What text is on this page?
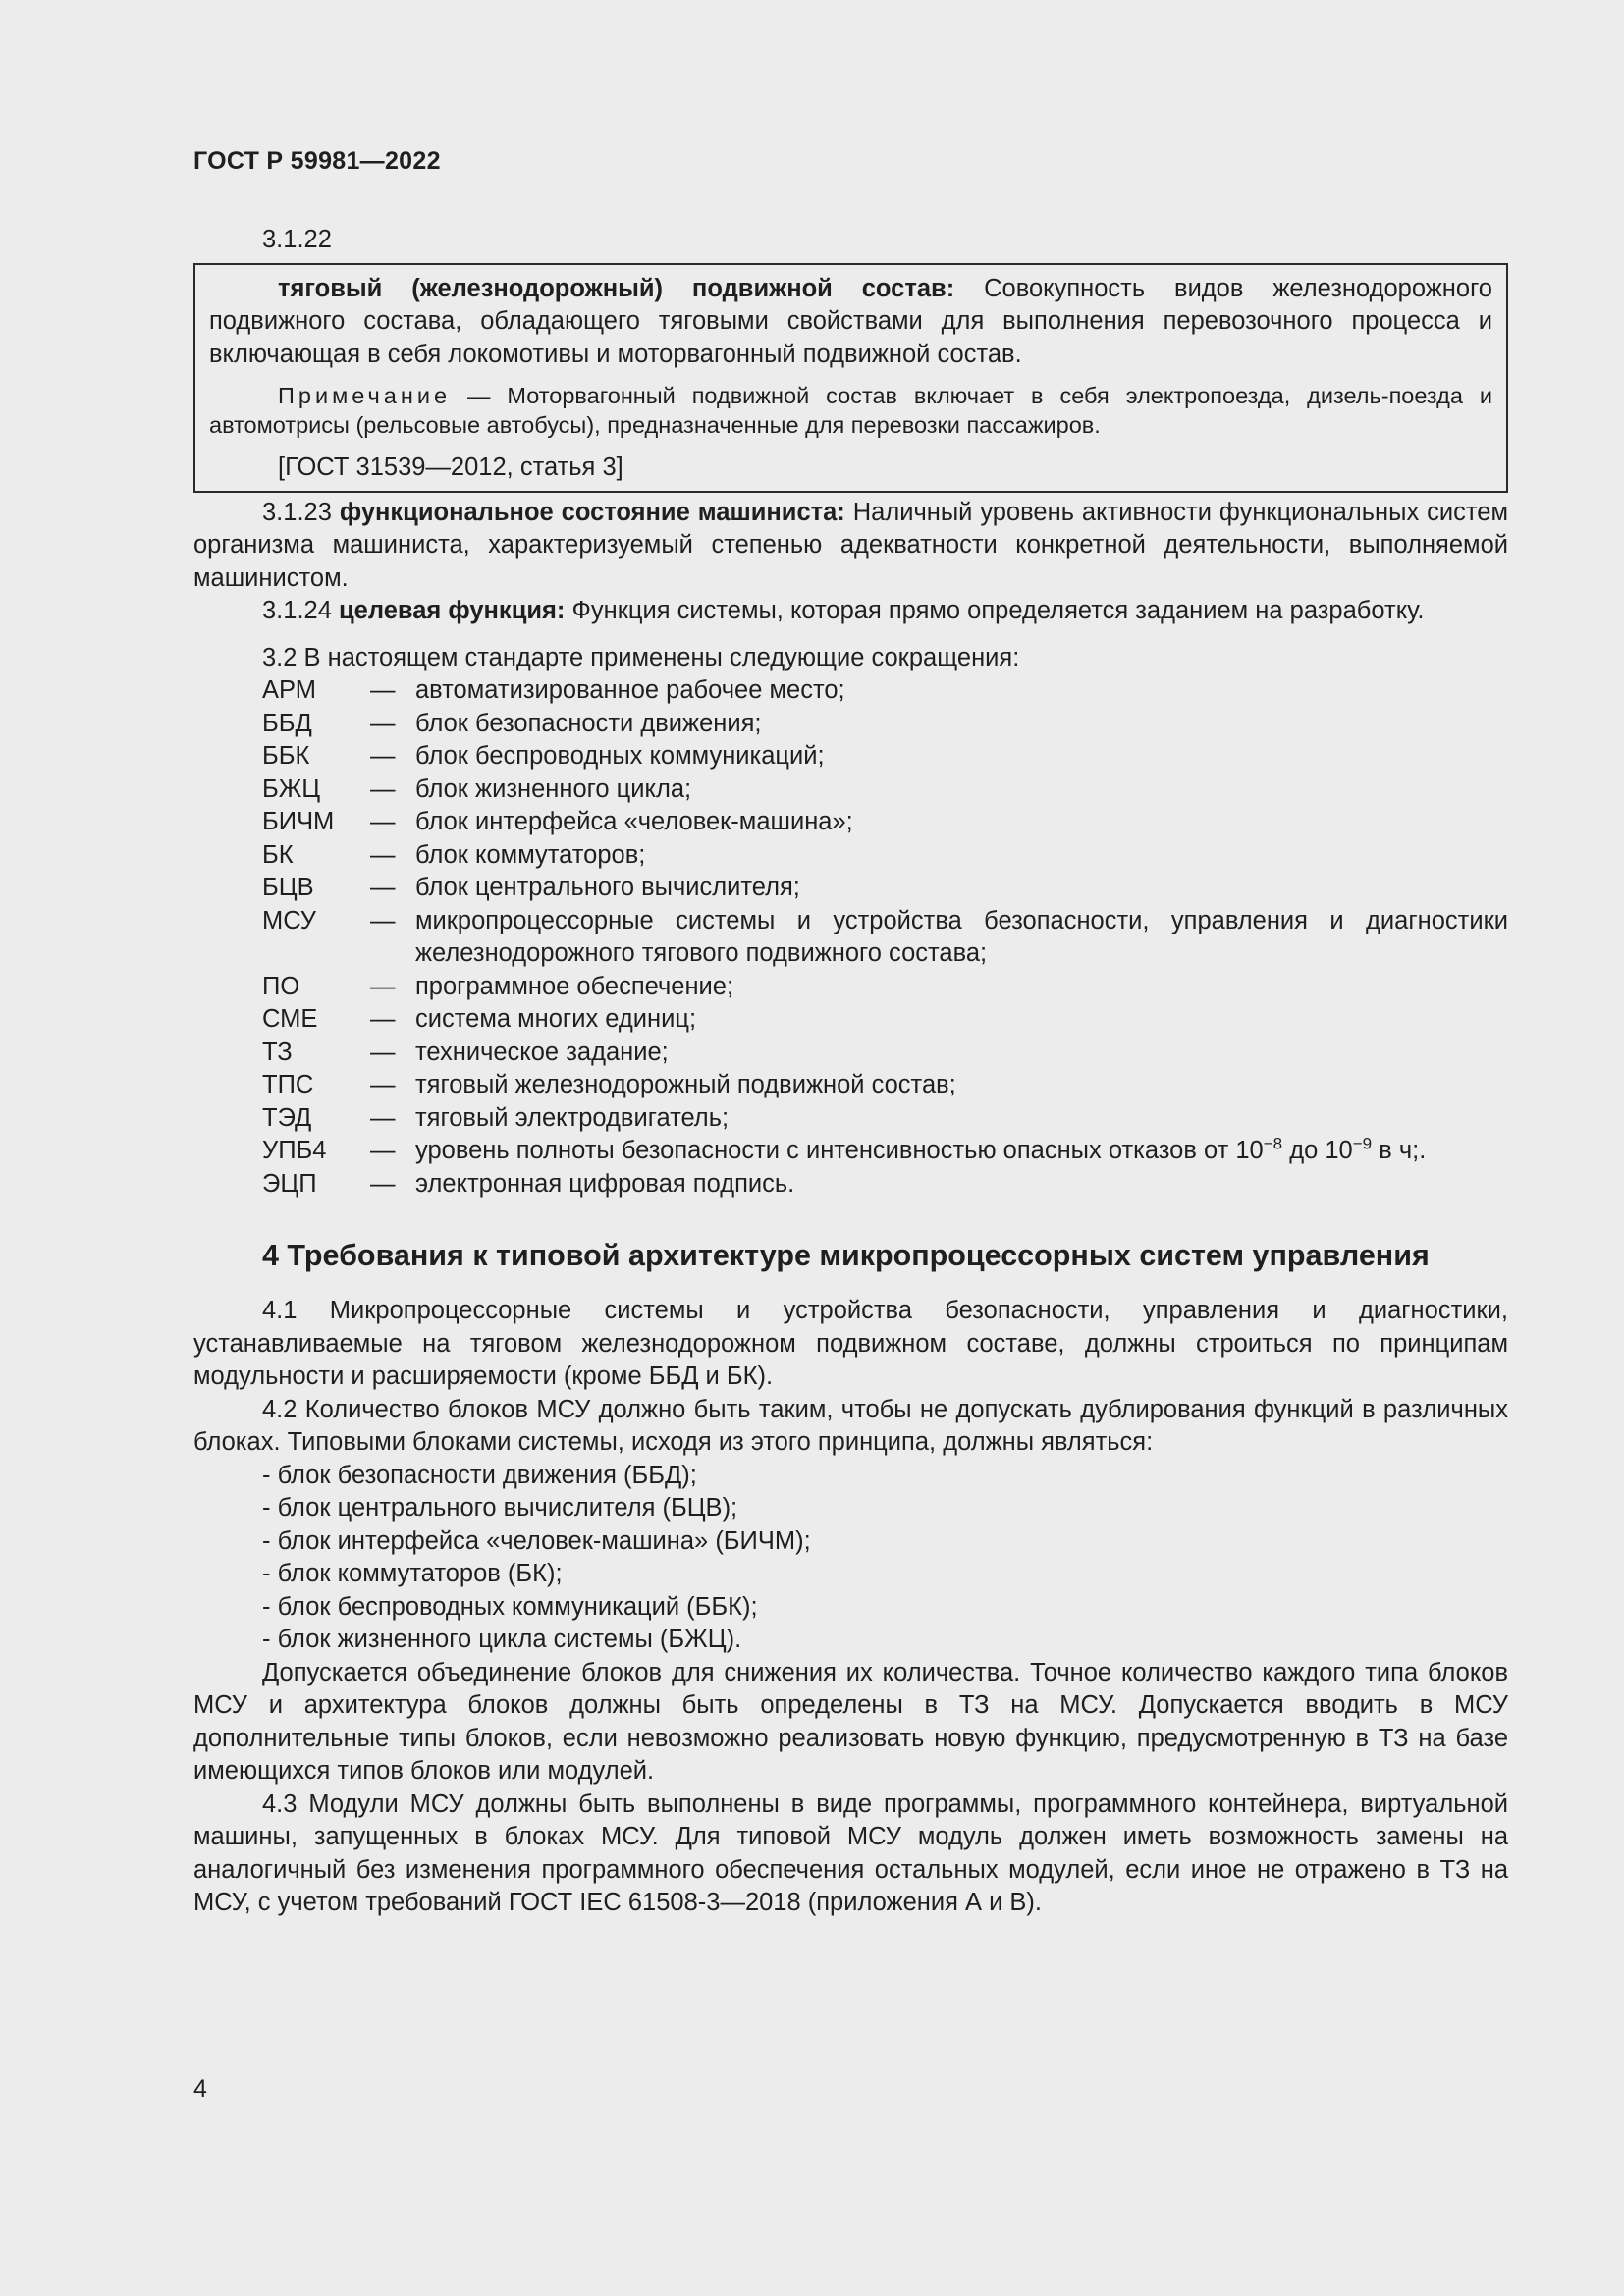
ГОСТ Р 59981—2022
3.1.22

тяговый (железнодорожный) подвижной состав: Совокупность видов железнодорожного подвижного состава, обладающего тяговыми свойствами для выполнения перевозочного процесса и включающая в себя локомотивы и моторвагонный подвижной состав.

Примечание — Моторвагонный подвижной состав включает в себя электропоезда, дизель-поезда и автомотрисы (рельсовые автобусы), предназначенные для перевозки пассажиров.

[ГОСТ 31539—2012, статья 3]

3.1.23 функциональное состояние машиниста: Наличный уровень активности функциональных систем организма машиниста, характеризуемый степенью адекватности конкретной деятельности, выполняемой машинистом.

3.1.24 целевая функция: Функция системы, которая прямо определяется заданием на разработку.

3.2 В настоящем стандарте применены следующие сокращения:

АРМ	— автоматизированное рабочее место;
ББД	— блок безопасности движения;
ББК	— блок беспроводных коммуникаций;
БЖЦ	— блок жизненного цикла;
БИЧМ	— блок интерфейса «человек-машина»;
БК	— блок коммутаторов;
БЦВ	— блок центрального вычислителя;
МСУ	— микропроцессорные системы и устройства безопасности, управления и диагностики железнодорожного тягового подвижного состава;
ПО	— программное обеспечение;
СМЕ	— система многих единиц;
ТЗ	— техническое задание;
ТПС	— тяговый железнодорожный подвижной состав;
ТЭД	— тяговый электродвигатель;
УПБ4	— уровень полноты безопасности с интенсивностью опасных отказов от $10^{-8}$ до $10^{-9}$ в ч;.
ЭЦП	— электронная цифровая подпись.
4 Требования к типовой архитектуре микропроцессорных систем управления

4.1 Микропроцессорные системы и устройства безопасности, управления и диагностики, устанавливаемые на тяговом железнодорожном подвижном составе, должны строиться по принципам модульности и расширяемости (кроме ББД и БК).

4.2 Количество блоков МСУ должно быть таким, чтобы не допускать дублирования функций в различных блоках. Типовыми блоками системы, исходя из этого принципа, должны являться:

- блок безопасности движения (ББД);
- блок центрального вычислителя (БЦВ);
- блок интерфейса «человек-машина» (БИЧМ);
- блок коммутаторов (БК);
- блок беспроводных коммуникаций (ББК);
- блок жизненного цикла системы (БЖЦ).

Допускается объединение блоков для снижения их количества. Точное количество каждого типа блоков МСУ и архитектура блоков должны быть определены в ТЗ на МСУ. Допускается вводить в МСУ дополнительные типы блоков, если невозможно реализовать новую функцию, предусмотренную в ТЗ на базе имеющихся типов блоков или модулей.

4.3 Модули МСУ должны быть выполнены в виде программы, программного контейнера, виртуальной машины, запущенных в блоках МСУ. Для типовой МСУ модуль должен иметь возможность замены на аналогичный без изменения программного обеспечения остальных модулей, если иное не отражено в ТЗ на МСУ, с учетом требований ГОСТ IEC 61508-3—2018 (приложения А и В).

4
